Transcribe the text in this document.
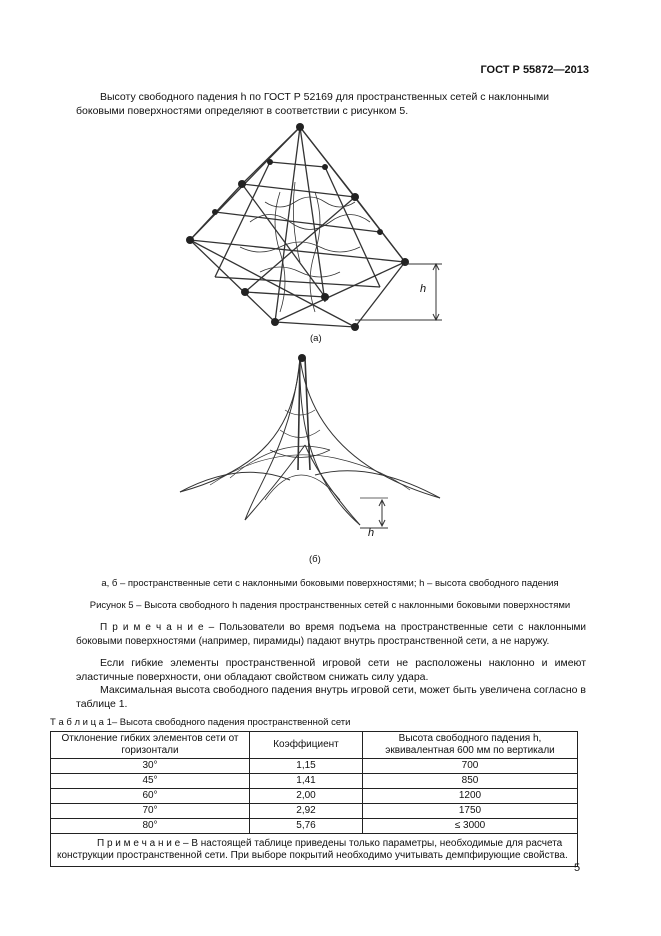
ГОСТ Р 55872—2013
Высоту свободного падения h по ГОСТ Р 52169 для пространственных сетей с наклонными
боковыми поверхностями определяют в соответствии с рисунком 5.
h
(а)
h
(б)
а, б – пространственные сети с наклонными боковыми поверхностями; h – высота свободного падения
Рисунок 5 – Высота свободного h падения пространственных сетей с наклонными боковыми поверхностями
П р и м е ч а н и е – Пользователи во время подъема на пространственные сети с наклонными боковыми поверхностями (например, пирамиды) падают внутрь пространственной сети, а не наружу.
Если гибкие элементы пространственной игровой сети не расположены наклонно и имеют эластичные поверхности, они обладают свойством снижать силу удара.
Максимальная высота свободного падения внутрь игровой сети, может быть увеличена согласно в таблице 1.
Т а б л и ц а 1– Высота свободного падения пространственной сети
Отклонение гибких элементов сети от горизонтали	Коэффициент	Высота свободного падения h, эквивалентная 600 мм по вертикали
30°	1,15	700
45°	1,41	850
60°	2,00	1200
70°	2,92	1750
80°	5,76	≤ 3000
П р и м е ч а н и е – В настоящей таблице приведены только параметры, необходимые для расчета конструкции пространственной сети. При выборе покрытий необходимо учитывать демпфирующие свойства.		
5
